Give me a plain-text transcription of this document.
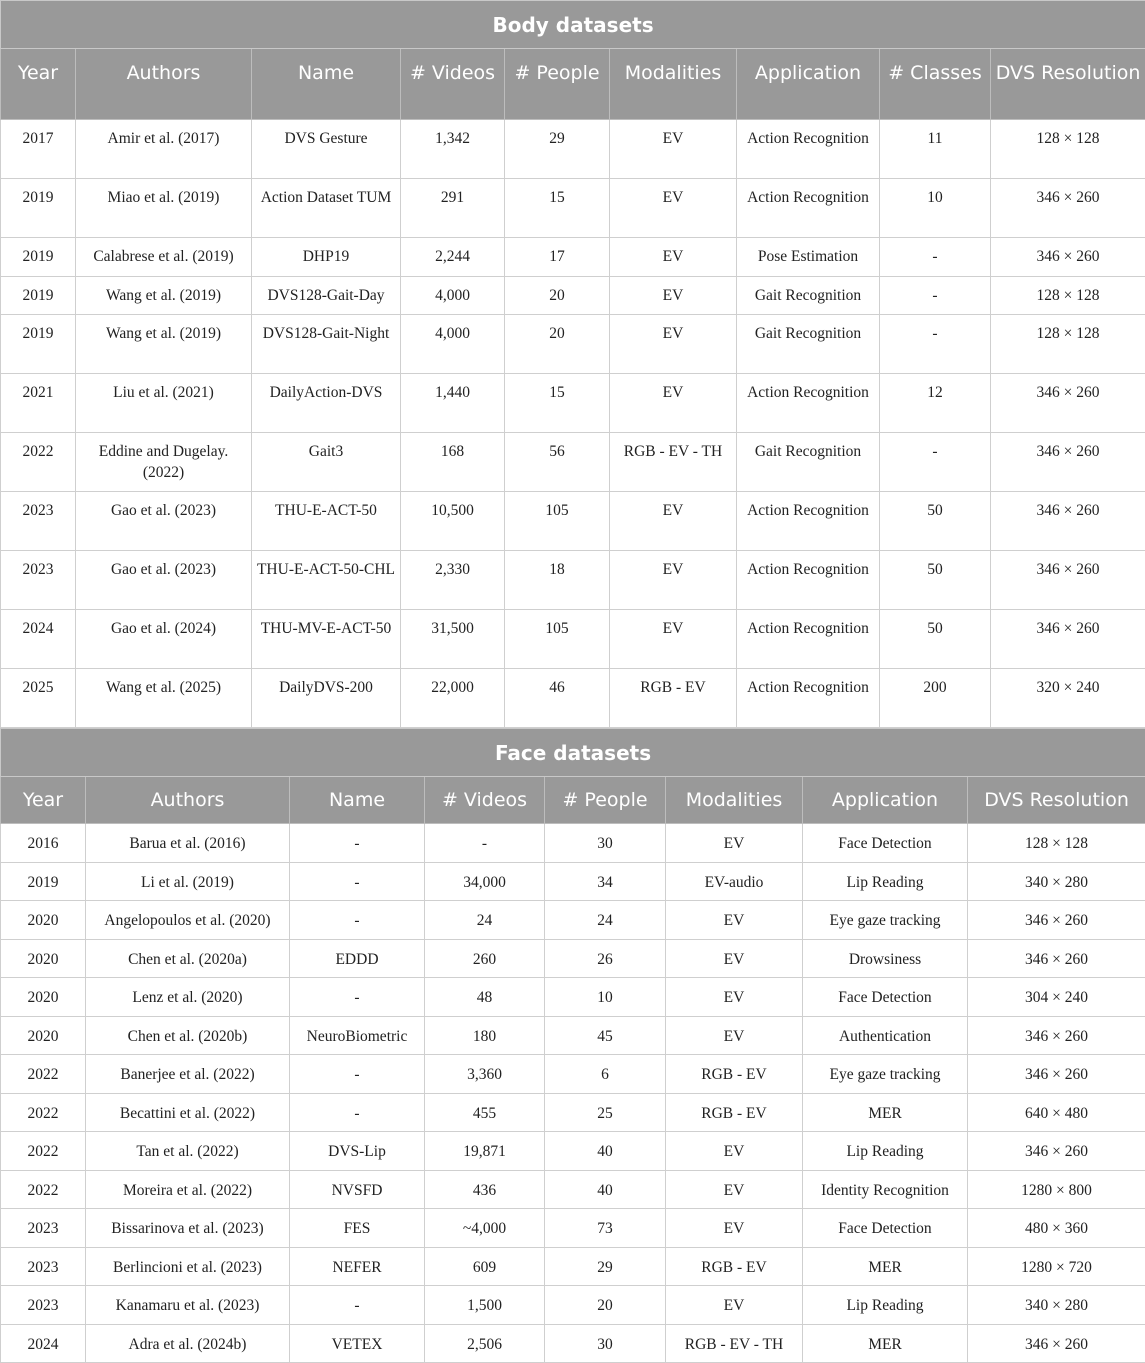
Body datasets								
Year	Authors	Name	# Videos	# People	Modalities	Application	# Classes	DVS Resolution
2017	Amir et al. (2017)	DVS Gesture	1,342	29	EV	Action Recognition	11	128 × 128
2019	Miao et al. (2019)	Action Dataset TUM	291	15	EV	Action Recognition	10	346 × 260
2019	Calabrese et al. (2019)	DHP19	2,244	17	EV	Pose Estimation	-	346 × 260
2019	Wang et al. (2019)	DVS128-Gait-Day	4,000	20	EV	Gait Recognition	-	128 × 128
2019	Wang et al. (2019)	DVS128-Gait-Night	4,000	20	EV	Gait Recognition	-	128 × 128
2021	Liu et al. (2021)	DailyAction-DVS	1,440	15	EV	Action Recognition	12	346 × 260
2022	Eddine and Dugelay. (2022)	Gait3	168	56	RGB - EV - TH	Gait Recognition	-	346 × 260
2023	Gao et al. (2023)	THU-E-ACT-50	10,500	105	EV	Action Recognition	50	346 × 260
2023	Gao et al. (2023)	THU-E-ACT-50-CHL	2,330	18	EV	Action Recognition	50	346 × 260
2024	Gao et al. (2024)	THU-MV-E-ACT-50	31,500	105	EV	Action Recognition	50	346 × 260
2025	Wang et al. (2025)	DailyDVS-200	22,000	46	RGB - EV	Action Recognition	200	320 × 240
Face datasets							
Year	Authors	Name	# Videos	# People	Modalities	Application	DVS Resolution
2016	Barua et al. (2016)	-	-	30	EV	Face Detection	128 × 128
2019	Li et al. (2019)	-	34,000	34	EV-audio	Lip Reading	340 × 280
2020	Angelopoulos et al. (2020)	-	24	24	EV	Eye gaze tracking	346 × 260
2020	Chen et al. (2020a)	EDDD	260	26	EV	Drowsiness	346 × 260
2020	Lenz et al. (2020)	-	48	10	EV	Face Detection	304 × 240
2020	Chen et al. (2020b)	NeuroBiometric	180	45	EV	Authentication	346 × 260
2022	Banerjee et al. (2022)	-	3,360	6	RGB - EV	Eye gaze tracking	346 × 260
2022	Becattini et al. (2022)	-	455	25	RGB - EV	MER	640 × 480
2022	Tan et al. (2022)	DVS-Lip	19,871	40	EV	Lip Reading	346 × 260
2022	Moreira et al. (2022)	NVSFD	436	40	EV	Identity Recognition	1280 × 800
2023	Bissarinova et al. (2023)	FES	~4,000	73	EV	Face Detection	480 × 360
2023	Berlincioni et al. (2023)	NEFER	609	29	RGB - EV	MER	1280 × 720
2023	Kanamaru et al. (2023)	-	1,500	20	EV	Lip Reading	340 × 280
2024	Adra et al. (2024b)	VETEX	2,506	30	RGB - EV - TH	MER	346 × 260
